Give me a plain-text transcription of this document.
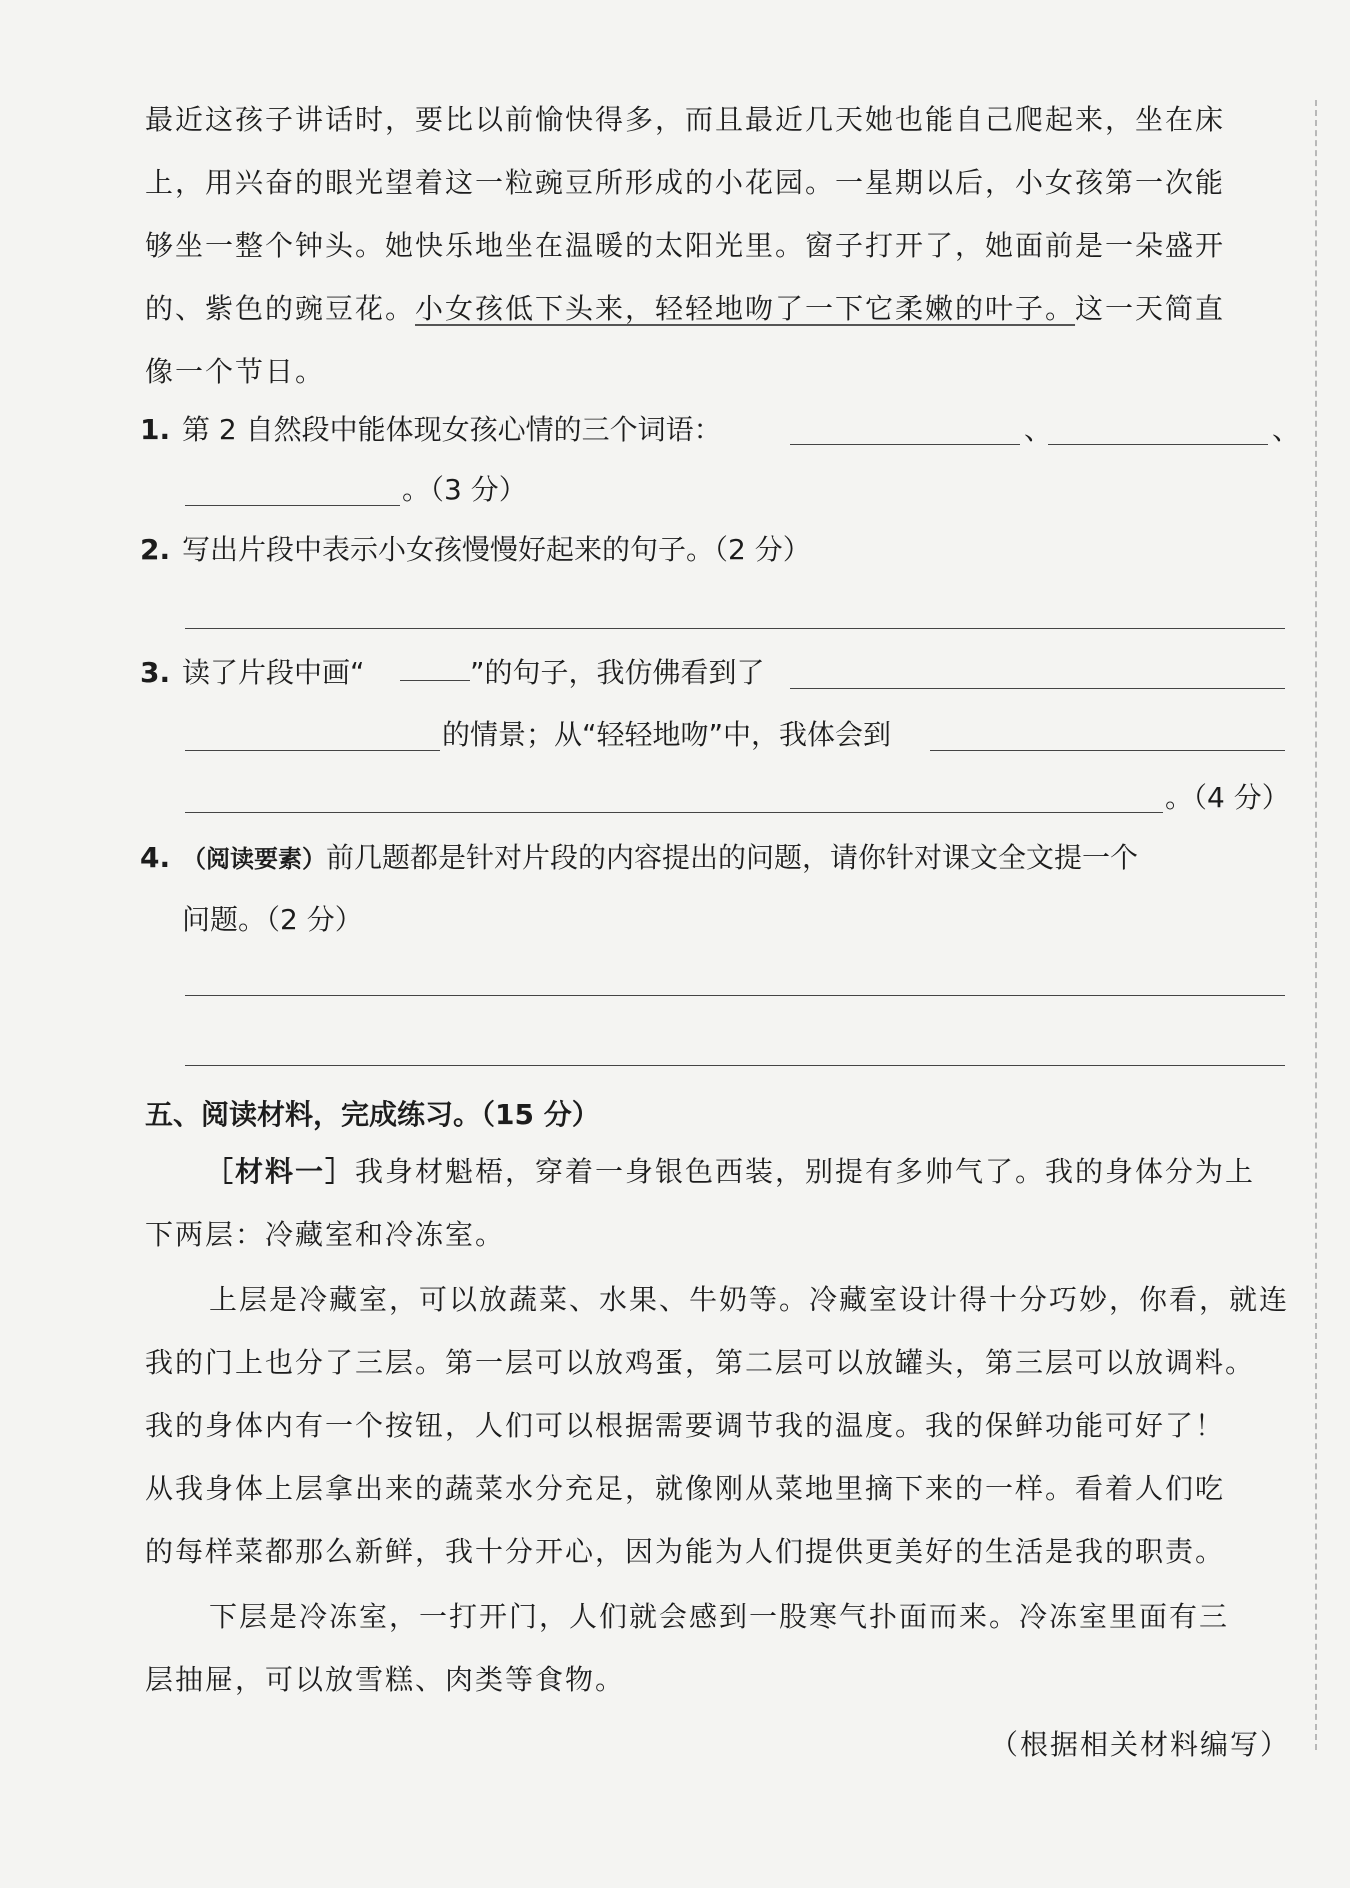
最近这孩子讲话时，要比以前愉快得多，而且最近几天她也能自己爬起来，坐在床
上，用兴奋的眼光望着这一粒豌豆所形成的小花园。一星期以后，小女孩第一次能
够坐一整个钟头。她快乐地坐在温暖的太阳光里。窗子打开了，她面前是一朵盛开
的、紫色的豌豆花。小女孩低下头来，轻轻地吻了一下它柔嫩的叶子。这一天简直
像一个节日。
1. 第 2 自然段中能体现女孩心情的三个词语：	、	、
。（3 分）
2. 写出片段中表示小女孩慢慢好起来的句子。（2 分）
3. 读了片段中画“	”的句子，我仿佛看到了
的情景；从“轻轻地吻”中，我体会到
。（4 分）
4. （阅读要素）前几题都是针对片段的内容提出的问题，请你针对课文全文提一个
问题。（2 分）
五、阅读材料，完成练习。（15 分）
［材料一］我身材魁梧，穿着一身银色西装，别提有多帅气了。我的身体分为上
下两层：冷藏室和冷冻室。
上层是冷藏室，可以放蔬菜、水果、牛奶等。冷藏室设计得十分巧妙，你看，就连
我的门上也分了三层。第一层可以放鸡蛋，第二层可以放罐头，第三层可以放调料。
我的身体内有一个按钮，人们可以根据需要调节我的温度。我的保鲜功能可好了！
从我身体上层拿出来的蔬菜水分充足，就像刚从菜地里摘下来的一样。看着人们吃
的每样菜都那么新鲜，我十分开心，因为能为人们提供更美好的生活是我的职责。
下层是冷冻室，一打开门，人们就会感到一股寒气扑面而来。冷冻室里面有三
层抽屉，可以放雪糕、肉类等食物。
（根据相关材料编写）
